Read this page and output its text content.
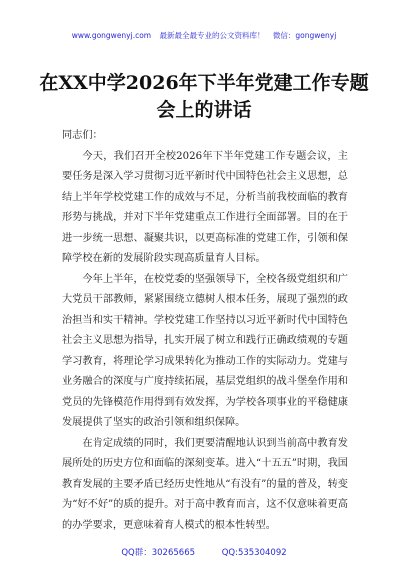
www.gongwenyj.com 最新最全最专业的公文资料库！ 微信：gongwenyj
在XX中学2026年下半年党建工作专题会上的讲话

同志们：

今天，我们召开全校2026年下半年党建工作专题会议，主要任务是深入学习贯彻习近平新时代中国特色社会主义思想，总结上半年学校党建工作的成效与不足，分析当前我校面临的教育形势与挑战，并对下半年党建重点工作进行全面部署。目的在于进一步统一思想、凝聚共识，以更高标准的党建工作，引领和保障学校在新的发展阶段实现高质量育人目标。

今年上半年，在校党委的坚强领导下，全校各级党组织和广大党员干部教师，紧紧围绕立德树人根本任务，展现了强烈的政治担当和实干精神。学校党建工作坚持以习近平新时代中国特色社会主义思想为指导，扎实开展了树立和践行正确政绩观的专题学习教育，将理论学习成果转化为推动工作的实际动力。党建与业务融合的深度与广度持续拓展，基层党组织的战斗堡垒作用和党员的先锋模范作用得到有效发挥，为学校各项事业的平稳健康发展提供了坚实的政治引领和组织保障。

在肯定成绩的同时，我们更要清醒地认识到当前高中教育发展所处的历史方位和面临的深刻变革。进入“十五五”时期，我国教育发展的主要矛盾已经历史性地从“有没有”的量的普及，转变为“好不好”的质的提升。对于高中教育而言，这不仅意味着更高的办学要求，更意味着育人模式的根本性转型。

QQ群：30265665	QQ:535304092
